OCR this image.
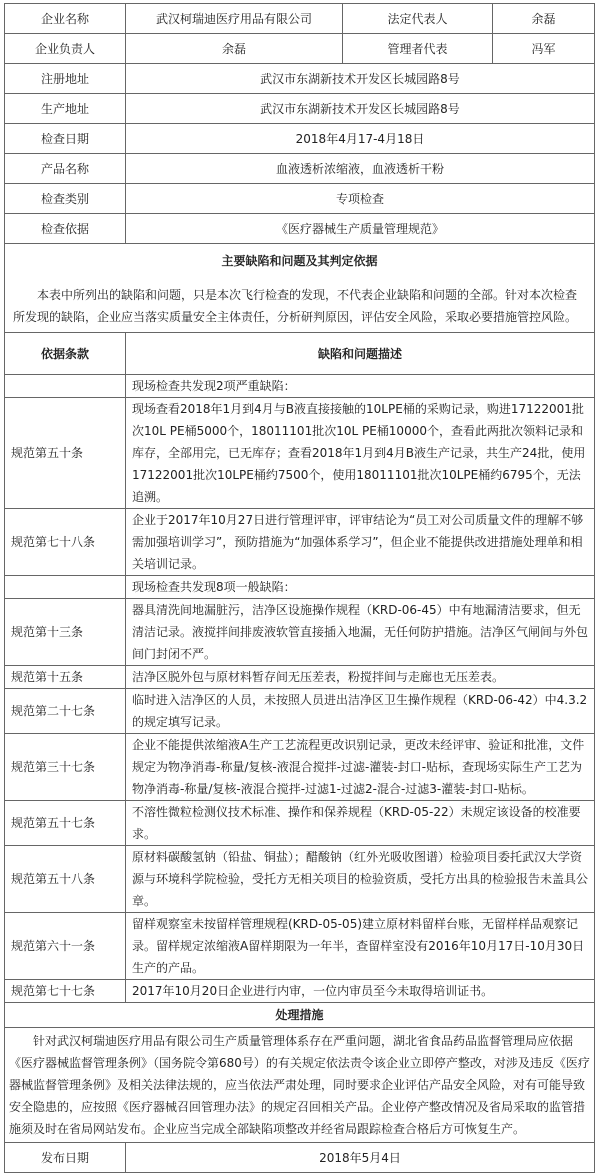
企业名称	武汉柯瑞迪医疗用品有限公司	法定代表人	余磊
企业负责人	余磊	管理者代表	冯军
注册地址	武汉市东湖新技术开发区长城园路8号		
生产地址	武汉市东湖新技术开发区长城园路8号		
检查日期	2018年4月17-4月18日		
产品名称	血液透析浓缩液，血液透析干粉		
检查类别	专项检查		
检查依据	《医疗器械生产质量管理规范》		

主要缺陷和问题及其判定依据
本表中所列出的缺陷和问题，只是本次飞行检查的发现，不代表企业缺陷和问题的全部。针对本次检查所发现的缺陷，企业应当落实质量安全主体责任，分析研判原因，评估安全风险，采取必要措施管控风险。			

依据条款	缺陷和问题描述		
	现场检查共发现2项严重缺陷：		
规范第五十条	现场查看2018年1月到4月与B液直接接触的10LPE桶的采购记录，购进17122001批次10L PE桶5000个，18011101批次10L PE桶10000个，查看此两批次领料记录和库存，全部用完，已无库存；查看2018年1月到4月B液生产记录，共生产24批，使用17122001批次10LPE桶约7500个，使用18011101批次10LPE桶约6795个，无法追溯。		
规范第七十八条	企业于2017年10月27日进行管理评审，评审结论为“员工对公司质量文件的理解不够需加强培训学习”，预防措施为“加强体系学习”，但企业不能提供改进措施处理单和相关培训记录。		
	现场检查共发现8项一般缺陷：		
规范第十三条	器具清洗间地漏脏污，洁净区设施操作规程（KRD-06-45）中有地漏清洁要求，但无清洁记录。液搅拌间排废液软管直接插入地漏，无任何防护措施。洁净区气闸间与外包间门封闭不严。		
规范第十五条	洁净区脱外包与原材料暂存间无压差表，粉搅拌间与走廊也无压差表。		
规范第二十七条	临时进入洁净区的人员，未按照人员进出洁净区卫生操作规程（KRD-06-42）中4.3.2的规定填写记录。		
规范第三十七条	企业不能提供浓缩液A生产工艺流程更改识别记录，更改未经评审、验证和批准，文件规定为物净消毒-称量/复核-液混合搅拌-过滤-灌装-封口-贴标，查现场实际生产工艺为物净消毒-称量/复核-液混合搅拌-过滤1-过滤2-混合-过滤3-灌装-封口-贴标。		
规范第五十七条	不溶性微粒检测仪技术标准、操作和保养规程（KRD-05-22）未规定该设备的校准要求。		
规范第五十八条	原材料碳酸氢钠（铅盐、铜盐）；醋酸钠（红外光吸收图谱）检验项目委托武汉大学资源与环境科学院检验，受托方无相关项目的检验资质，受托方出具的检验报告未盖具公章。		
规范第六十一条	留样观察室未按留样管理规程(KRD-05-05)建立原材料留样台账，无留样样品观察记录。留样规定浓缩液A留样期限为一年半，查留样室没有2016年10月17日-10月30日生产的产品。		
规范第七十七条	2017年10月20日企业进行内审，一位内审员至今未取得培训证书。		
处理措施			
针对武汉柯瑞迪医疗用品有限公司生产质量管理体系存在严重问题，湖北省食品药品监督管理局应依据《医疗器械监督管理条例》（国务院令第680号）的有关规定依法责令该企业立即停产整改，对涉及违反《医疗器械监督管理条例》及相关法律法规的，应当依法严肃处理，同时要求企业评估产品安全风险，对有可能导致安全隐患的，应按照《医疗器械召回管理办法》的规定召回相关产品。企业停产整改情况及省局采取的监管措施须及时在省局网站发布。企业应当完成全部缺陷项整改并经省局跟踪检查合格后方可恢复生产。			
发布日期	2018年5月4日		
